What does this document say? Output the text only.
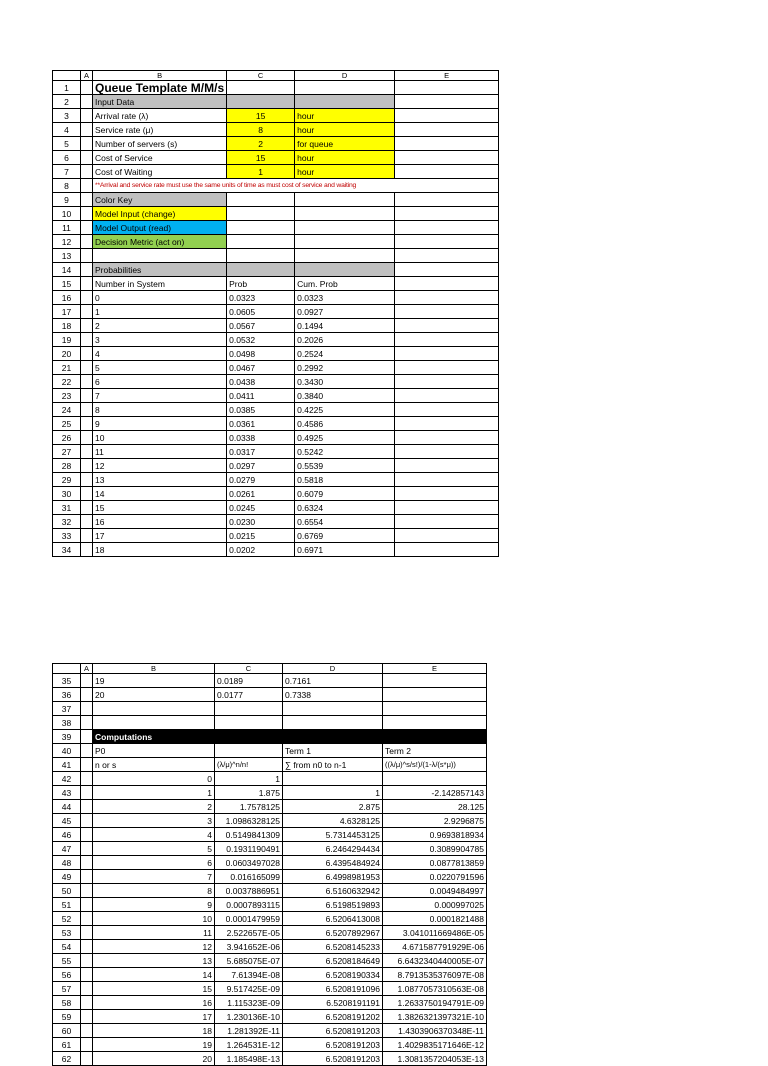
	A	B	C	D	E
1		Queue Template M/M/s			
2		Input Data			
3		Arrival rate (λ)	15	hour	
4		Service rate (μ)	8	hour	
5		Number of servers (s)	2	for queue	
6		Cost of Service	15	hour	
7		Cost of Waiting	1	hour	
8		**Arrival and service rate must use the same units of time as must cost of service and waiting			
9		Color Key			
10		Model Input (change)			
11		Model Output (read)			
12		Decision Metric (act on)			
13					
14		Probabilities			
15		Number in System	Prob	Cum. Prob	
16		0	0.0323	0.0323	
17		1	0.0605	0.0927	
18		2	0.0567	0.1494	
19		3	0.0532	0.2026	
20		4	0.0498	0.2524	
21		5	0.0467	0.2992	
22		6	0.0438	0.3430	
23		7	0.0411	0.3840	
24		8	0.0385	0.4225	
25		9	0.0361	0.4586	
26		10	0.0338	0.4925	
27		11	0.0317	0.5242	
28		12	0.0297	0.5539	
29		13	0.0279	0.5818	
30		14	0.0261	0.6079	
31		15	0.0245	0.6324	
32		16	0.0230	0.6554	
33		17	0.0215	0.6769	
34		18	0.0202	0.6971	
	A	B	C	D	E
35		19	0.0189	0.7161	
36		20	0.0177	0.7338	
37					
38					
39		Computations			
40		P0		Term 1	Term 2
41		n or s	(λ/μ)^n/n!	∑ from n0 to n-1	((λ/μ)^s/s!)/(1-λ/(s*μ))
42		0	1		
43		1	1.875	1	-2.142857143
44		2	1.7578125	2.875	28.125
45		3	1.0986328125	4.6328125	2.9296875
46		4	0.5149841309	5.7314453125	0.9693818934
47		5	0.1931190491	6.2464294434	0.3089904785
48		6	0.0603497028	6.4395484924	0.0877813859
49		7	0.016165099	6.4998981953	0.0220791596
50		8	0.0037886951	6.5160632942	0.0049484997
51		9	0.0007893115	6.5198519893	0.000997025
52		10	0.0001479959	6.5206413008	0.0001821488
53		11	2.522657E-05	6.5207892967	3.041011669486E-05
54		12	3.941652E-06	6.5208145233	4.671587791929E-06
55		13	5.685075E-07	6.5208184649	6.6432340440005E-07
56		14	7.61394E-08	6.5208190334	8.7913535376097E-08
57		15	9.517425E-09	6.5208191096	1.0877057310563E-08
58		16	1.115323E-09	6.5208191191	1.2633750194791E-09
59		17	1.230136E-10	6.5208191202	1.3826321397321E-10
60		18	1.281392E-11	6.5208191203	1.4303906370348E-11
61		19	1.264531E-12	6.5208191203	1.4029835171646E-12
62		20	1.185498E-13	6.5208191203	1.3081357204053E-13
